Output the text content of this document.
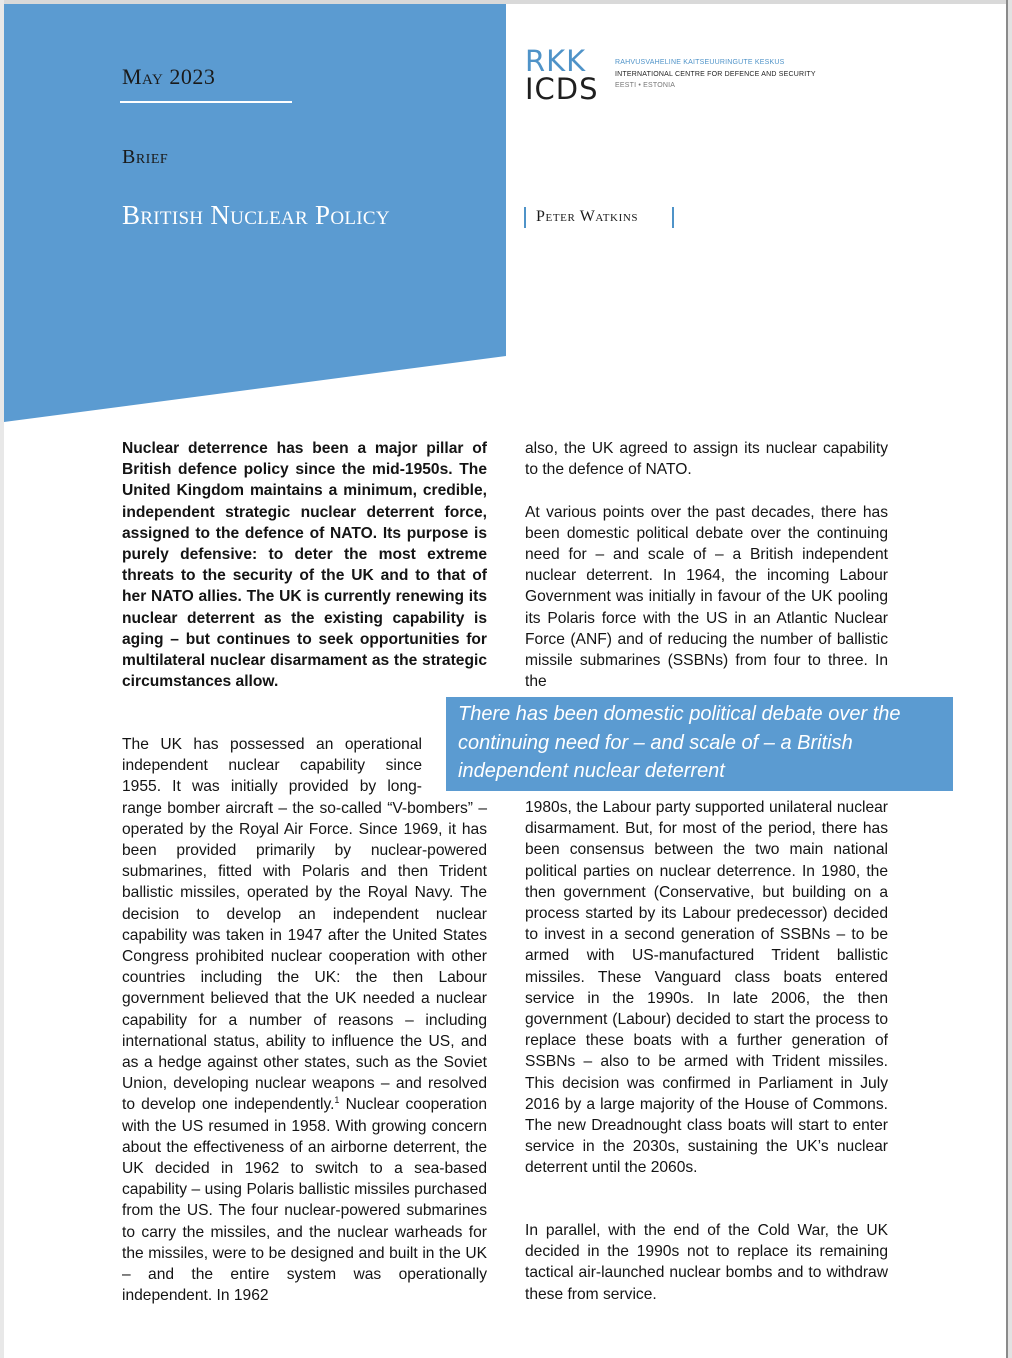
May 2023
Brief
British Nuclear Policy
RKK
ICDS
RAHVUSVAHELINE KAITSEUURINGUTE KESKUS
INTERNATIONAL CENTRE FOR DEFENCE AND SECURITY
EESTI • ESTONIA
Peter Watkins

Nuclear deterrence has been a major pillar of British defence policy since the mid-1950s. The United Kingdom maintains a minimum, credible, independent strategic nuclear deterrent force, assigned to the defence of NATO. Its purpose is purely defensive: to deter the most extreme threats to the security of the UK and to that of her NATO allies. The UK is currently renewing its nuclear deterrent as the existing capability is aging – but continues to seek opportunities for multilateral nuclear disarmament as the strategic circumstances allow.

The UK has possessed an operational
independent nuclear capability since
1955. It was initially provided by long-

range bomber aircraft – the so-called “V-bombers” – operated by the Royal Air Force. Since 1969, it has been provided primarily by nuclear-powered submarines, fitted with Polaris and then Trident ballistic missiles, operated by the Royal Navy. The decision to develop an independent nuclear capability was taken in 1947 after the United States Congress prohibited nuclear cooperation with other countries including the UK: the then Labour government believed that the UK needed a nuclear capability for a number of reasons – including international status, ability to influence the US, and as a hedge against other states, such as the Soviet Union, developing nuclear weapons – and resolved to develop one independently.$^1$ Nuclear cooperation with the US resumed in 1958. With growing concern about the effectiveness of an airborne deterrent, the UK decided in 1962 to switch to a sea-based capability – using Polaris ballistic missiles purchased from the US. The four nuclear-powered submarines to carry the missiles, and the nuclear warheads for the missiles, were to be designed and built in the UK – and the entire system was operationally independent. In 1962

also, the UK agreed to assign its nuclear capability to the defence of NATO.

At various points over the past decades, there has been domestic political debate over the continuing need for – and scale of – a British independent nuclear deterrent. In 1964, the incoming Labour Government was initially in favour of the UK pooling its Polaris force with the US in an Atlantic Nuclear Force (ANF) and of reducing the number of ballistic missile submarines (SSBNs) from four to three. In the

There has been domestic political debate over the continuing need for – and scale of – a British independent nuclear deterrent

1980s, the Labour party supported unilateral nuclear disarmament. But, for most of the period, there has been consensus between the two main national political parties on nuclear deterrence. In 1980, the then government (Conservative, but building on a process started by its Labour predecessor) decided to invest in a second generation of SSBNs – to be armed with US-manufactured Trident ballistic missiles. These Vanguard class boats entered service in the 1990s. In late 2006, the then government (Labour) decided to start the process to replace these boats with a further generation of SSBNs – also to be armed with Trident missiles. This decision was confirmed in Parliament in July 2016 by a large majority of the House of Commons. The new Dreadnought class boats will start to enter service in the 2030s, sustaining the UK’s nuclear deterrent until the 2060s.

In parallel, with the end of the Cold War, the UK decided in the 1990s not to replace its remaining tactical air-launched nuclear bombs and to withdraw these from service.
